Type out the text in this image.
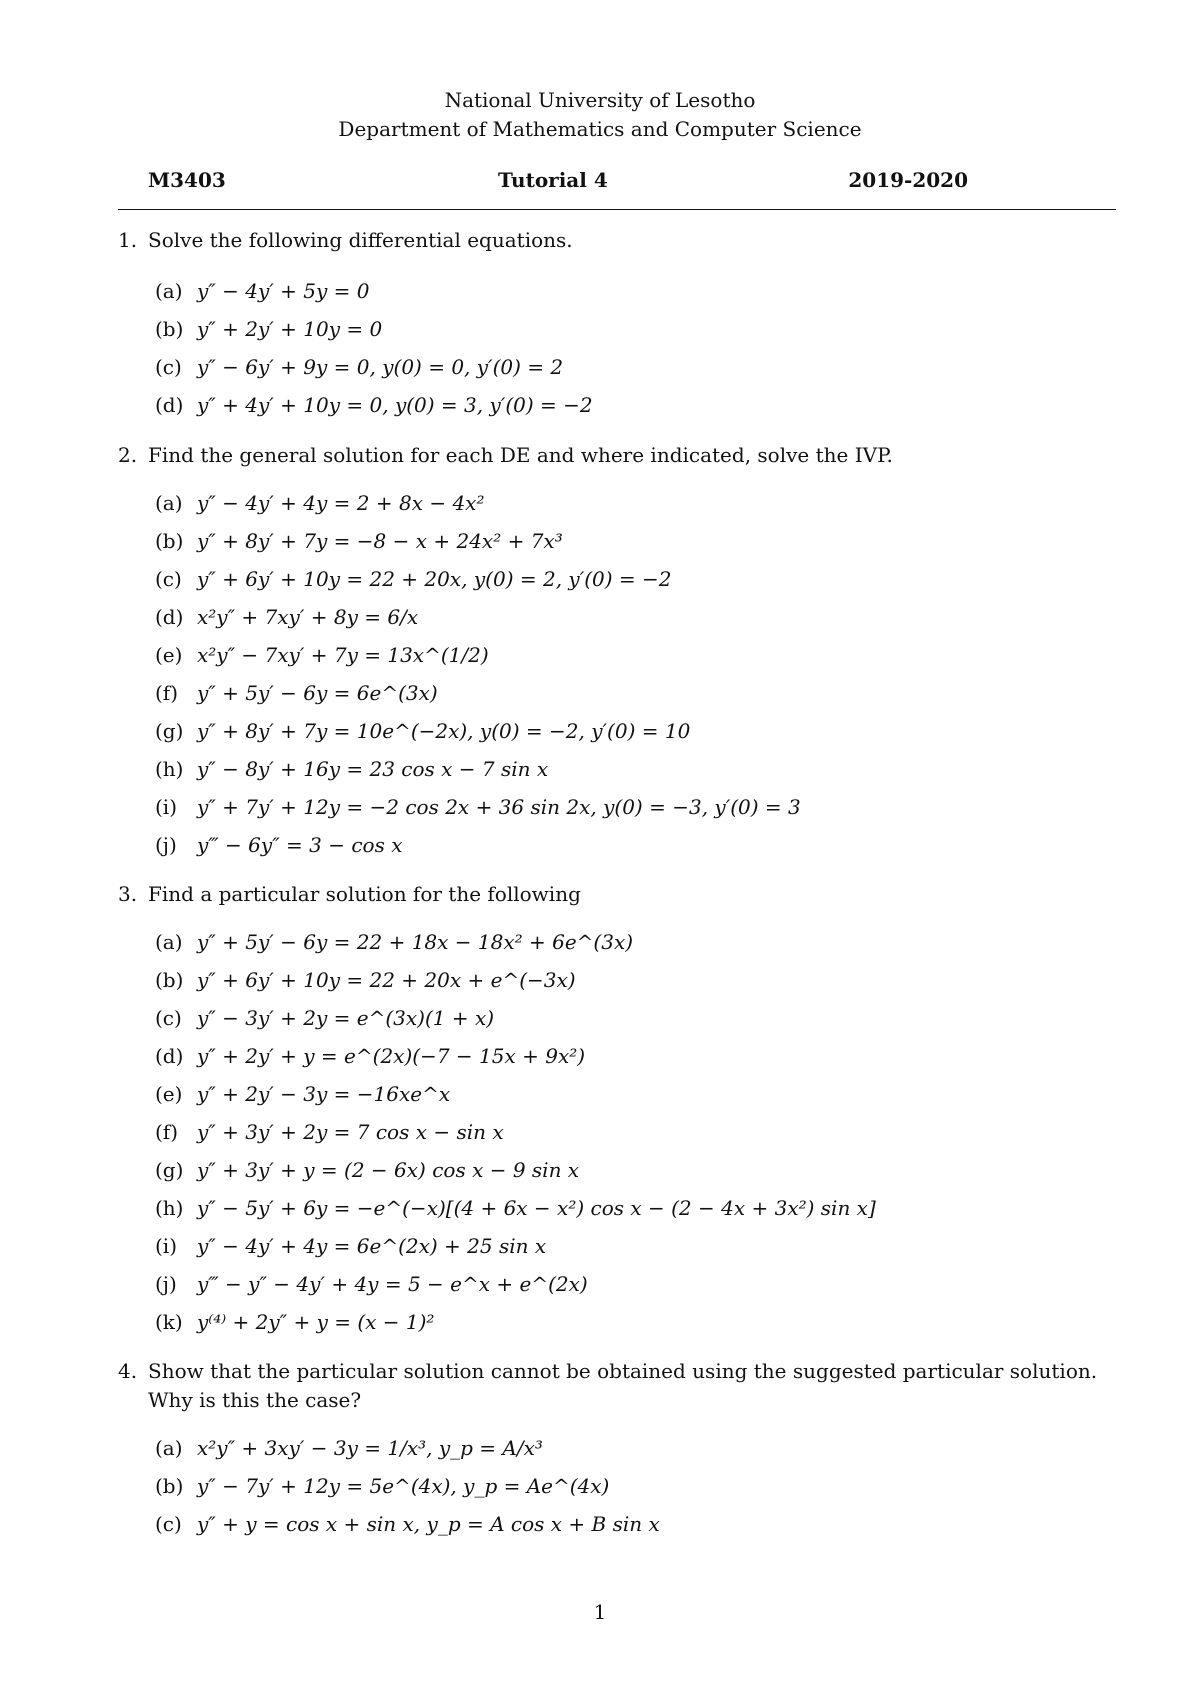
National University of Lesotho
Department of Mathematics and Computer Science
M3403	Tutorial 4	2019-2020
1. Solve the following differential equations.
(a) y″ − 4y′ + 5y = 0
(b) y″ + 2y′ + 10y = 0
(c) y″ − 6y′ + 9y = 0, y(0) = 0, y′(0) = 2
(d) y″ + 4y′ + 10y = 0, y(0) = 3, y′(0) = −2
2. Find the general solution for each DE and where indicated, solve the IVP.
(a) y″ − 4y′ + 4y = 2 + 8x − 4x²
(b) y″ + 8y′ + 7y = −8 − x + 24x² + 7x³
(c) y″ + 6y′ + 10y = 22 + 20x, y(0) = 2, y′(0) = −2
(d) x²y″ + 7xy′ + 8y = 6/x
(e) x²y″ − 7xy′ + 7y = 13x^(1/2)
(f) y″ + 5y′ − 6y = 6e^(3x)
(g) y″ + 8y′ + 7y = 10e^(−2x), y(0) = −2, y′(0) = 10
(h) y″ − 8y′ + 16y = 23 cos x − 7 sin x
(i) y″ + 7y′ + 12y = −2 cos 2x + 36 sin 2x, y(0) = −3, y′(0) = 3
(j)	y‴ − 6y″ = 3 − cos x
3. Find a particular solution for the following
(a) y″ + 5y′ − 6y = 22 + 18x − 18x² + 6e^(3x)
(b) y″ + 6y′ + 10y = 22 + 20x + e^(−3x)
(c) y″ − 3y′ + 2y = e^(3x)(1 + x)
(d) y″ + 2y′ + y = e^(2x)(−7 − 15x + 9x²)
(e) y″ + 2y′ − 3y = −16xe^x
(f) y″ + 3y′ + 2y = 7 cos x − sin x
(g) y″ + 3y′ + y = (2 − 6x) cos x − 9 sin x
(h) y″ − 5y′ + 6y = −e^(−x)[(4 + 6x − x²) cos x − (2 − 4x + 3x²) sin x]
(i) y″ − 4y′ + 4y = 6e^(2x) + 25 sin x
(j)	y‴ − y″ − 4y′ + 4y = 5 − e^x + e^(2x)
(k) y⁽⁴⁾ + 2y″ + y = (x − 1)²
4. Show that the particular solution cannot be obtained using the suggested particular solution. Why is this the case?
(a) x²y″ + 3xy′ − 3y = 1/x³, y_p = A/x³
(b) y″ − 7y′ + 12y = 5e^(4x), y_p = Ae^(4x)
(c) y″ + y = cos x + sin x, y_p = A cos x + B sin x
1
